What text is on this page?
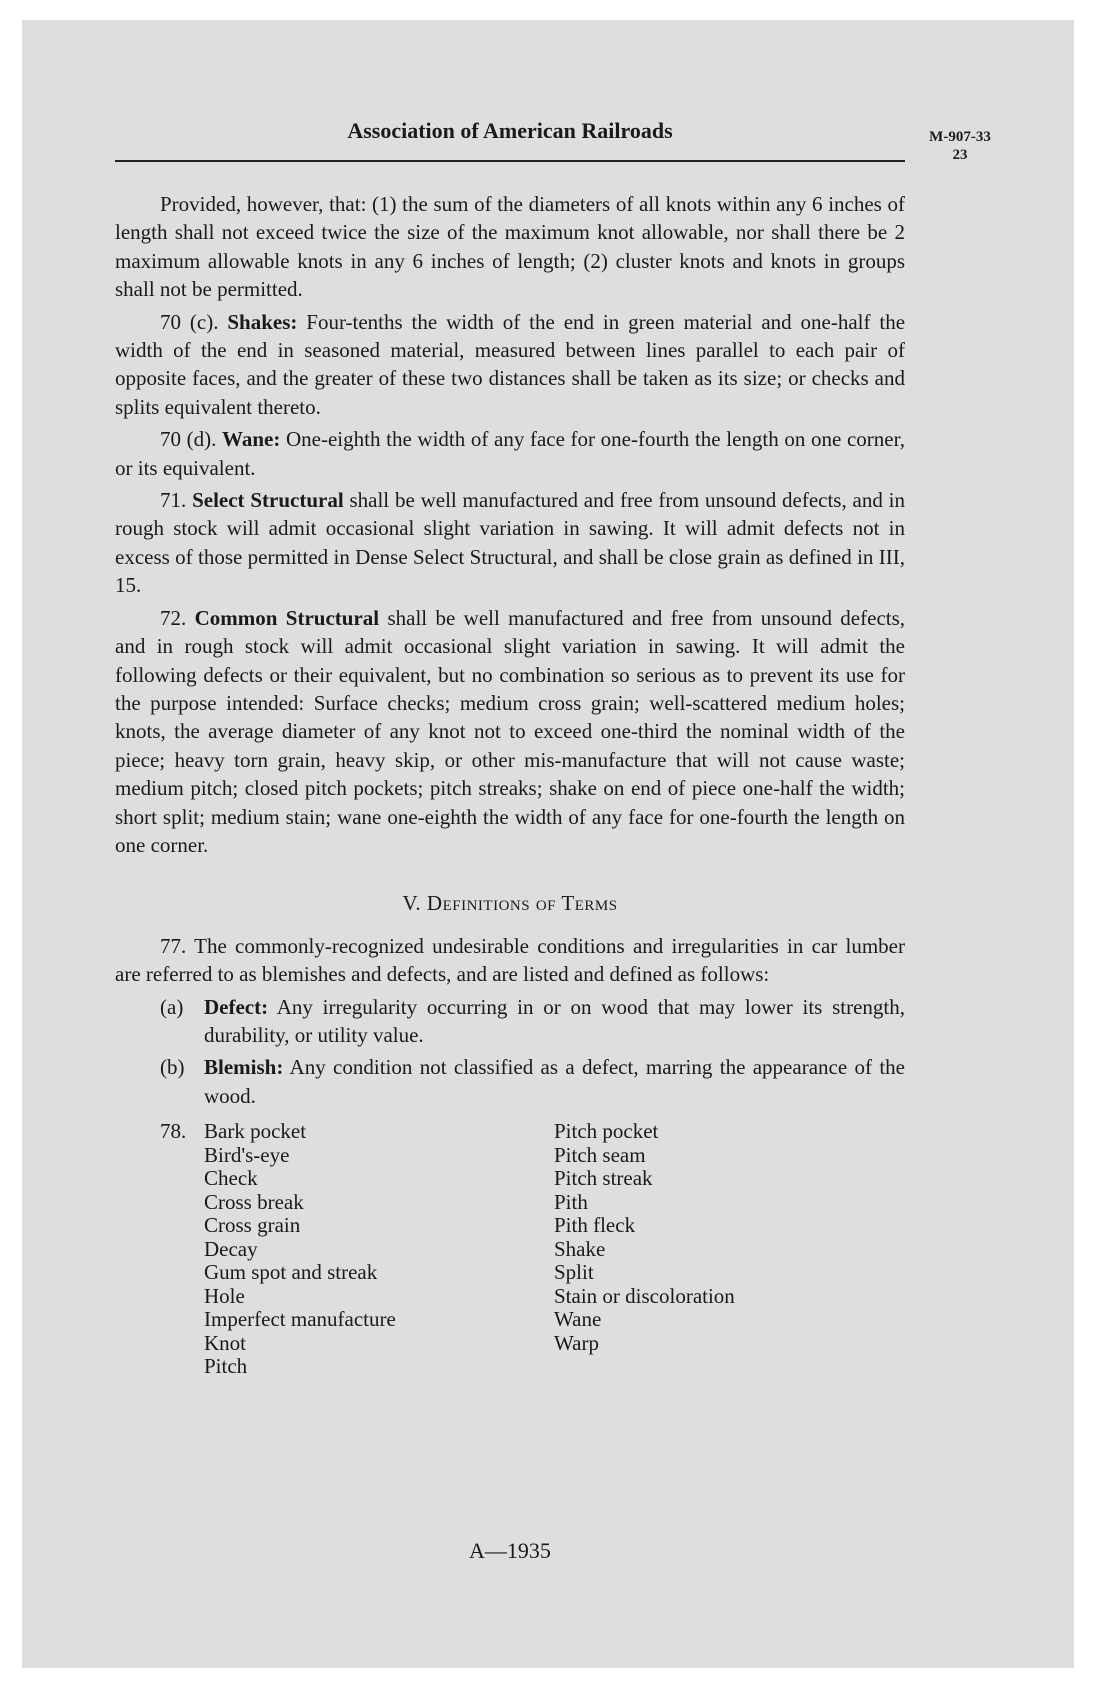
Association of American Railroads	M-907-33
23

Provided, however, that: (1) the sum of the diameters of all knots within any 6 inches of length shall not exceed twice the size of the maximum knot allowable, nor shall there be 2 maximum allowable knots in any 6 inches of length; (2) cluster knots and knots in groups shall not be permitted.

70 (c). Shakes: Four-tenths the width of the end in green material and one-half the width of the end in seasoned material, measured between lines parallel to each pair of opposite faces, and the greater of these two distances shall be taken as its size; or checks and splits equivalent thereto.

70 (d). Wane: One-eighth the width of any face for one-fourth the length on one corner, or its equivalent.

71. Select Structural shall be well manufactured and free from unsound defects, and in rough stock will admit occasional slight variation in sawing. It will admit defects not in excess of those permitted in Dense Select Structural, and shall be close grain as defined in III, 15.

72. Common Structural shall be well manufactured and free from unsound defects, and in rough stock will admit occasional slight variation in sawing. It will admit the following defects or their equivalent, but no combination so serious as to prevent its use for the purpose intended: Surface checks; medium cross grain; well-scattered medium holes; knots, the average diameter of any knot not to exceed one-third the nominal width of the piece; heavy torn grain, heavy skip, or other mis-manufacture that will not cause waste; medium pitch; closed pitch pockets; pitch streaks; shake on end of piece one-half the width; short split; medium stain; wane one-eighth the width of any face for one-fourth the length on one corner.

V. Definitions of Terms

77. The commonly-recognized undesirable conditions and irregularities in car lumber are referred to as blemishes and defects, and are listed and defined as follows:

(a) Defect: Any irregularity occurring in or on wood that may lower its strength, durability, or utility value.
(b) Blemish: Any condition not classified as a defect, marring the appearance of the wood.
78. Bark pocket
Bird's-eye
Check
Cross break
Cross grain
Decay
Gum spot and streak
Hole
Imperfect manufacture
Knot
Pitch
Pitch pocket
Pitch seam
Pitch streak
Pith
Pith fleck
Shake
Split
Stain or discoloration
Wane
Warp
A—1935
